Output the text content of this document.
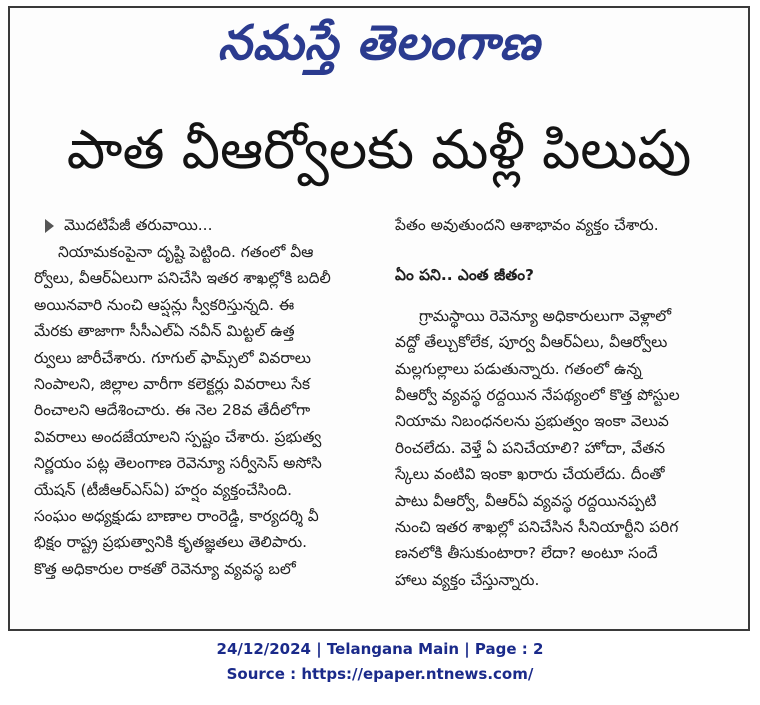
నమస్తే తెలంగాణ
పాత వీఆర్వోలకు మళ్లీ పిలుపు
మొదటిపేజీ తరువాయి...
నియామకంపైనా దృష్టి పెట్టింది. గతంలో వీఆ
ర్వోలు, వీఆర్ఏలుగా పనిచేసి ఇతర శాఖల్లోకి బదిలీ
అయినవారి నుంచి ఆప్షన్లు స్వీకరిస్తున్నది. ఈ
మేరకు తాజాగా సీసీఎల్ఏ నవీన్ మిట్టల్ ఉత్త
ర్వులు జారీచేశారు. గూగుల్ ఫామ్స్‌లో వివరాలు
నింపాలని, జిల్లాల వారీగా కలెక్టర్లు వివరాలు సేక
రించాలని ఆదేశించారు. ఈ నెల 28వ తేదీలోగా
వివరాలు అందజేయాలని స్పష్టం చేశారు. ప్రభుత్వ
నిర్ణయం పట్ల తెలంగాణ రెవెన్యూ సర్వీసెస్ అసోసి
యేషన్ (టీజీఆర్ఎస్ఏ) హర్షం వ్యక్తంచేసింది.
సంఘం అధ్యక్షుడు బాణాల రాంరెడ్డి, కార్యదర్శి వీ
భిక్షం రాష్ట్ర ప్రభుత్వానికి కృతజ్ఞతలు తెలిపారు.
కొత్త అధికారుల రాకతో రెవెన్యూ వ్యవస్థ బలో
పేతం అవుతుందని ఆశాభావం వ్యక్తం చేశారు.
ఏం పని.. ఎంత జీతం?
గ్రామస్థాయి రెవెన్యూ అధికారులుగా వెళ్లాలో
వద్దో తేల్చుకోలేక, పూర్వ వీఆర్ఏలు, వీఆర్వోలు
మల్లగుల్లాలు పడుతున్నారు. గతంలో ఉన్న
వీఆర్వో వ్యవస్థ రద్దయిన నేపథ్యంలో కొత్త పోస్టుల
నియామ నిబంధనలను ప్రభుత్వం ఇంకా వెలువ
రించలేదు. వెళ్తే ఏ పనిచేయాలి? హోదా, వేతన
స్కేలు వంటివి ఇంకా ఖరారు చేయలేదు. దీంతో
పాటు వీఆర్వో, వీఆర్ఏ వ్యవస్థ రద్దయినప్పటి
నుంచి ఇతర శాఖల్లో పనిచేసిన సీనియార్టీని పరిగ
ణనలోకి తీసుకుంటారా? లేదా? అంటూ సందే
హాలు వ్యక్తం చేస్తున్నారు.
24/12/2024 | Telangana Main | Page : 2
Source : https://epaper.ntnews.com/
